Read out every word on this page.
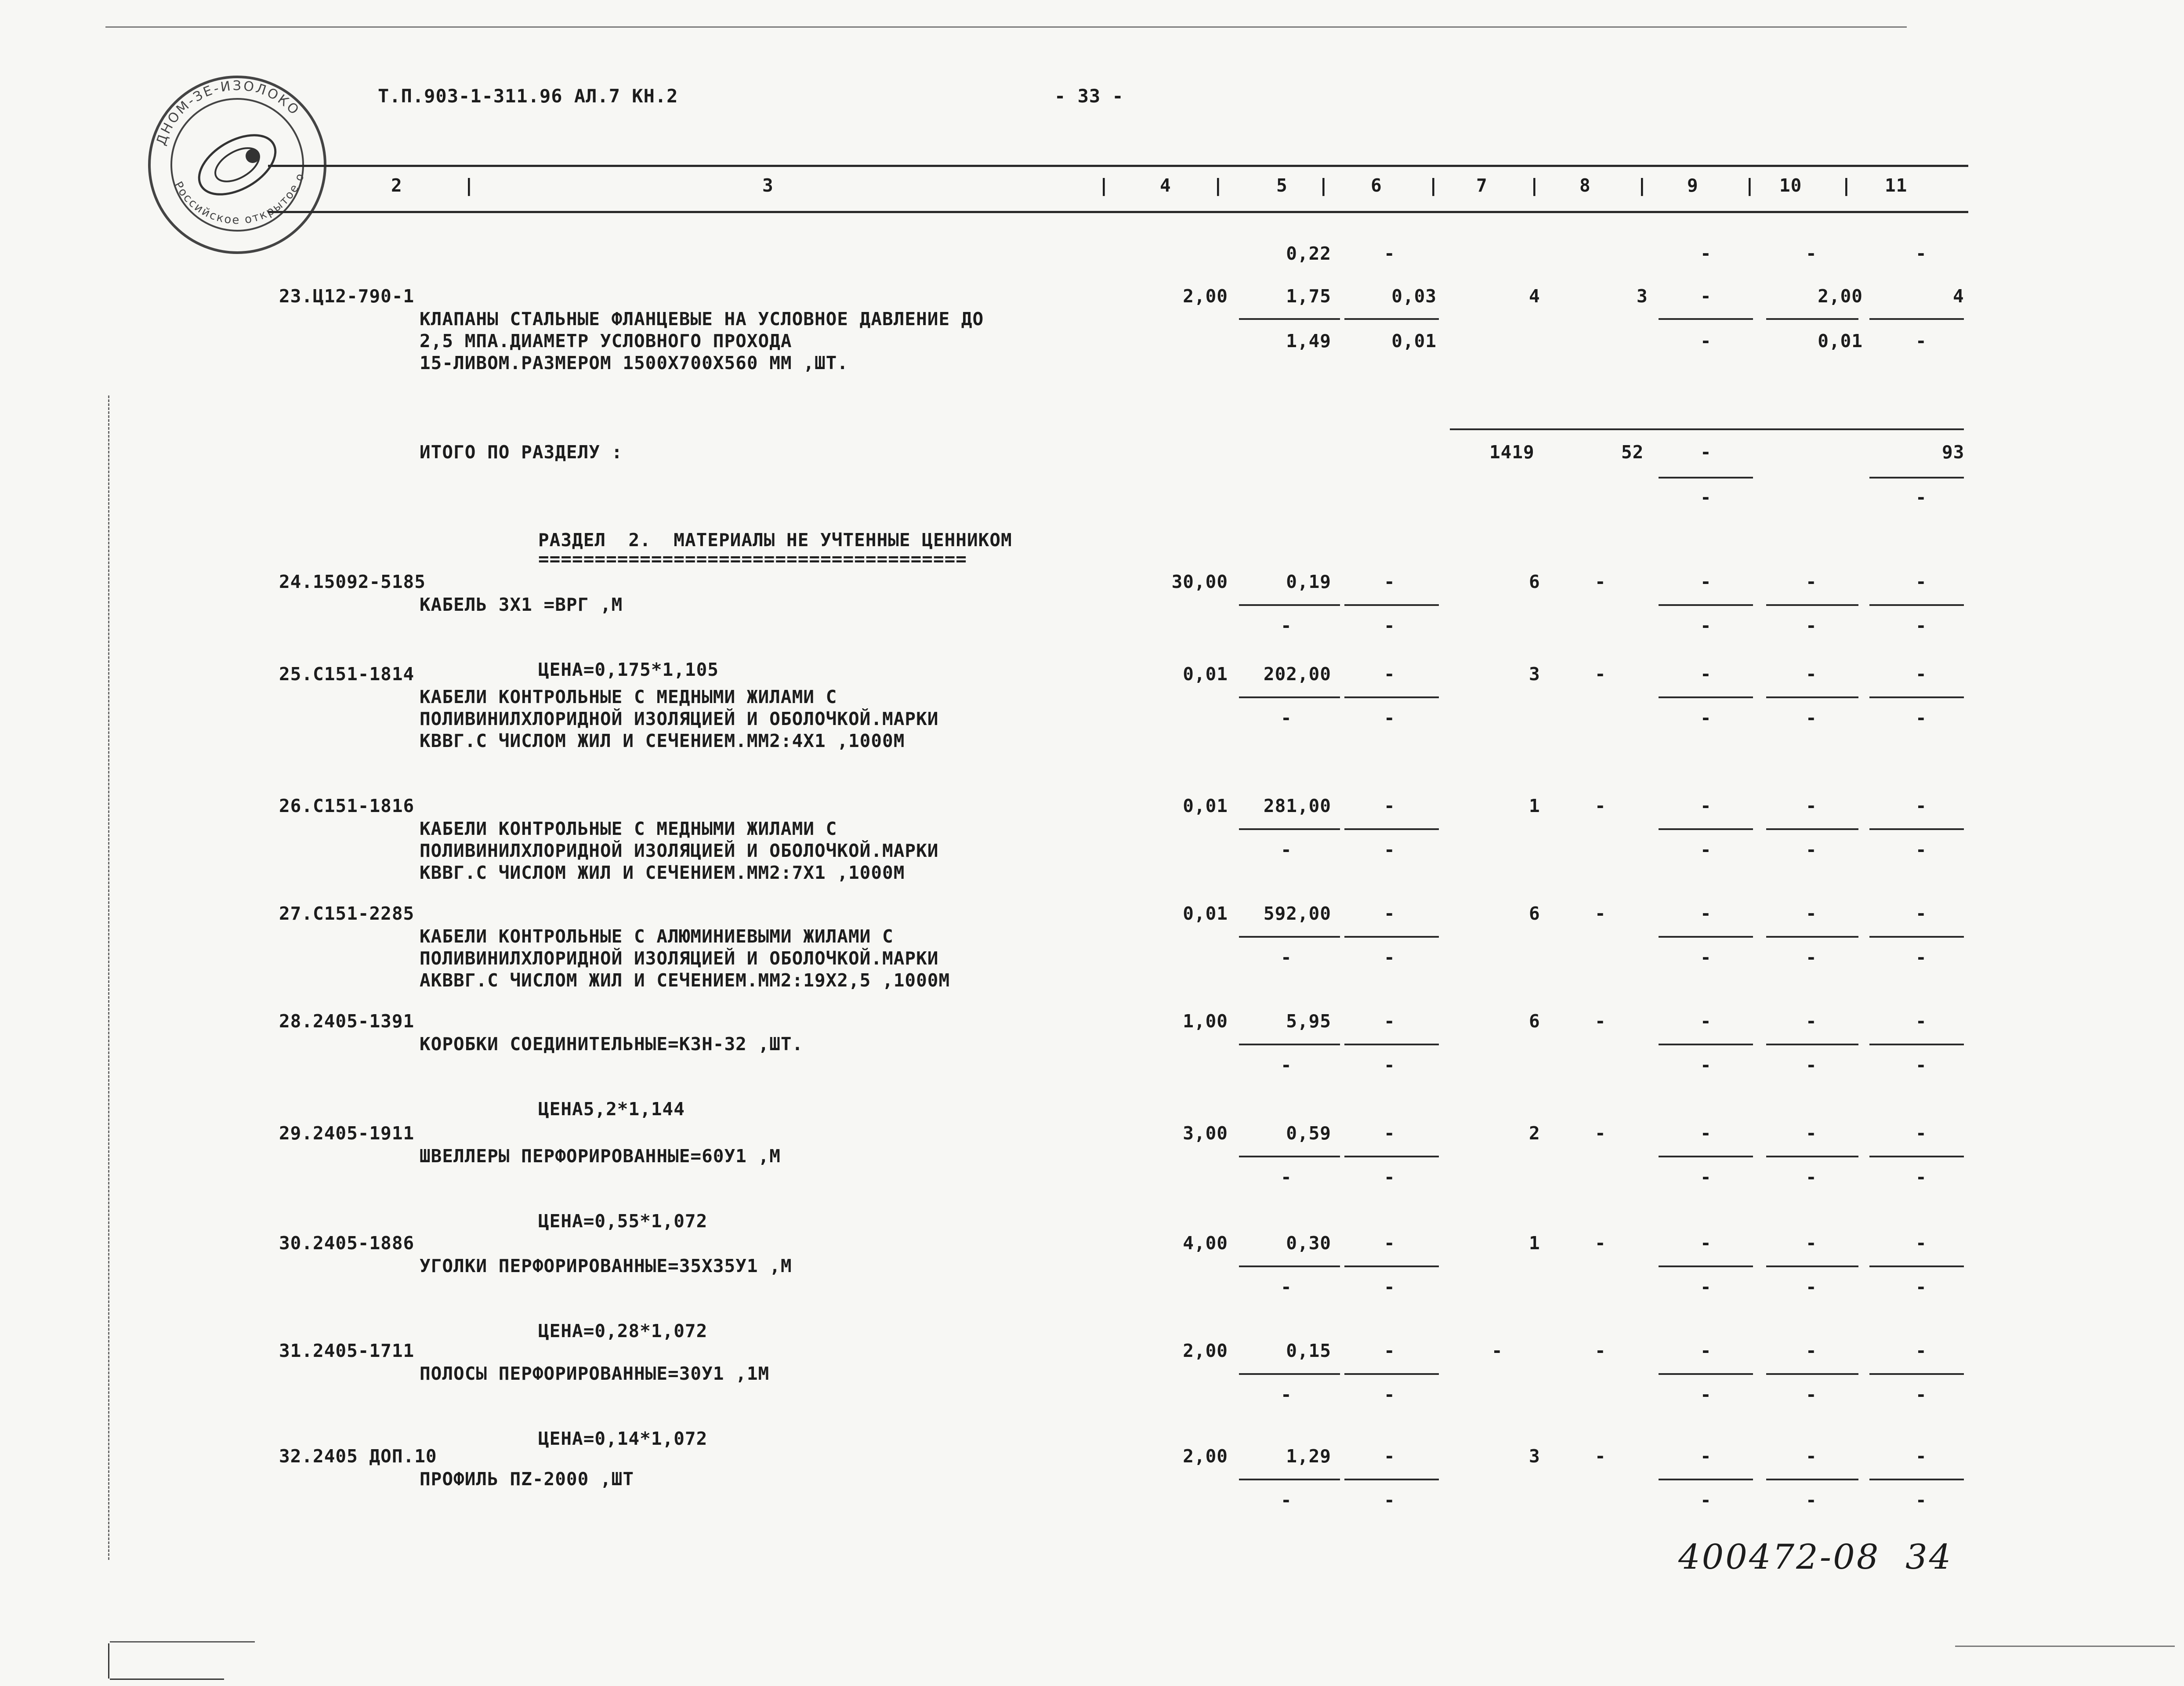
ДНОМ-ЗЕ-ИЗОЛОКО
Российское открытое о
Т.П.903-1-311.96 АЛ.7 КН.2	- 33 -
2	|	3	|	4 |	5 | 6	| 7 | 8	| 9	| 10 | 11
0,22	-	-	-	-
23.Ц12-790-1
КЛАПАНЫ СТАЛЬНЫЕ ФЛАНЦЕВЫЕ НА УСЛОВНОЕ ДАВЛЕНИЕ ДО
2,5 МПА.ДИАМЕТР УСЛОВНОГО ПРОХОДА
15-ЛИВОМ.РАЗМЕРОМ 1500Х700Х560 ММ ,ШТ.
2,00	1,75	0,03	4	3	-	2,00	4
1,49	0,01	-	0,01	-
ИТОГО ПО РАЗДЕЛУ :	1419	52	-	93
-	-
РАЗДЕЛ  2.  МАТЕРИАЛЫ НЕ УЧТЕННЫЕ ЦЕННИКОМ
======================================
24.15092-5185
КАБЕЛЬ 3Х1 =ВРГ ,М
30,00	0,19	-	6	-	-	-	-
-	-	-	-	-
ЦЕНА=0,175*1,105
25.С151-1814
КАБЕЛИ КОНТРОЛЬНЫЕ С МЕДНЫМИ ЖИЛАМИ С
ПОЛИВИНИЛХЛОРИДНОЙ ИЗОЛЯЦИЕЙ И ОБОЛОЧКОЙ.МАРКИ
КВВГ.С ЧИСЛОМ ЖИЛ И СЕЧЕНИЕМ.ММ2:4Х1 ,1000М
0,01	202,00	-	3	-	-	-	-
-	-	-	-	-
26.С151-1816
КАБЕЛИ КОНТРОЛЬНЫЕ С МЕДНЫМИ ЖИЛАМИ С
ПОЛИВИНИЛХЛОРИДНОЙ ИЗОЛЯЦИЕЙ И ОБОЛОЧКОЙ.МАРКИ
КВВГ.С ЧИСЛОМ ЖИЛ И СЕЧЕНИЕМ.ММ2:7Х1 ,1000М
0,01	281,00	-	1	-	-	-	-
-	-	-	-	-
27.С151-2285
КАБЕЛИ КОНТРОЛЬНЫЕ С АЛЮМИНИЕВЫМИ ЖИЛАМИ С
ПОЛИВИНИЛХЛОРИДНОЙ ИЗОЛЯЦИЕЙ И ОБОЛОЧКОЙ.МАРКИ
АКВВГ.С ЧИСЛОМ ЖИЛ И СЕЧЕНИЕМ.ММ2:19Х2,5 ,1000М
0,01	592,00	-	6	-	-	-	-
-	-	-	-	-
28.2405-1391
КОРОБКИ СОЕДИНИТЕЛЬНЫЕ=КЗН-32 ,ШТ.
1,00	5,95	-	6	-	-	-	-
-	-	-	-	-
ЦЕНА5,2*1,144
29.2405-1911
ШВЕЛЛЕРЫ ПЕРФОРИРОВАННЫЕ=60У1 ,М
3,00	0,59	-	2	-	-	-	-
-	-	-	-	-
ЦЕНА=0,55*1,072
30.2405-1886
УГОЛКИ ПЕРФОРИРОВАННЫЕ=35Х35У1 ,М
4,00	0,30	-	1	-	-	-	-
-	-	-	-	-
ЦЕНА=0,28*1,072
31.2405-1711
ПОЛОСЫ ПЕРФОРИРОВАННЫЕ=30У1 ,1М
2,00	0,15	-	-	-	-	-	-
-	-	-	-	-
ЦЕНА=0,14*1,072
32.2405 ДОП.10
ПРОФИЛЬ ПZ-2000 ,ШТ
2,00	1,29	-	3	-	-	-	-
-	-	-	-	-
400472-08  34
